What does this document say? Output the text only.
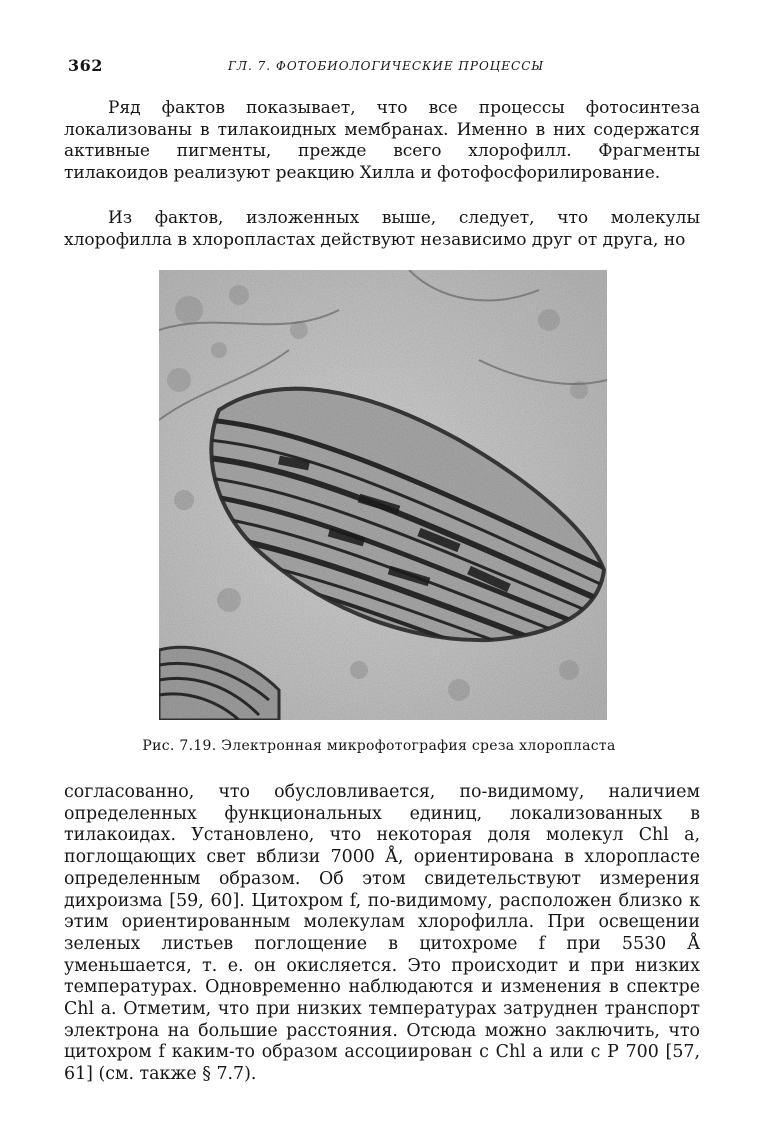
362	ГЛ. 7. ФОТОБИОЛОГИЧЕСКИЕ ПРОЦЕССЫ

Ряд фактов показывает, что все процессы фотосинтеза локализованы в тилакоидных мембранах. Именно в них содержатся активные пигменты, прежде всего хлорофилл. Фрагменты тилакоидов реализуют реакцию Хилла и фотофосфорилирование.

Из фактов, изложенных выше, следует, что молекулы хлорофилла в хлоропластах действуют независимо друг от друга, но

Рис. 7.19. Электронная микрофотография среза хлоропласта

согласованно, что обусловливается, по-видимому, наличием определенных функциональных единиц, локализованных в тилакоидах. Установлено, что некоторая доля молекул Chl a, поглощающих свет вблизи 7000 Å, ориентирована в хлоропласте определенным образом. Об этом свидетельствуют измерения дихроизма [59, 60]. Цитохром f, по-видимому, расположен близко к этим ориентированным молекулам хлорофилла. При освещении зеленых листьев поглощение в цитохроме f при 5530 Å уменьшается, т. е. он окисляется. Это происходит и при низких температурах. Одновременно наблюдаются и изменения в спектре Chl a. Отметим, что при низких температурах затруднен транспорт электрона на большие расстояния. Отсюда можно заключить, что цитохром f каким-то образом ассоциирован с Chl a или с P 700 [57, 61] (см. также § 7.7).
